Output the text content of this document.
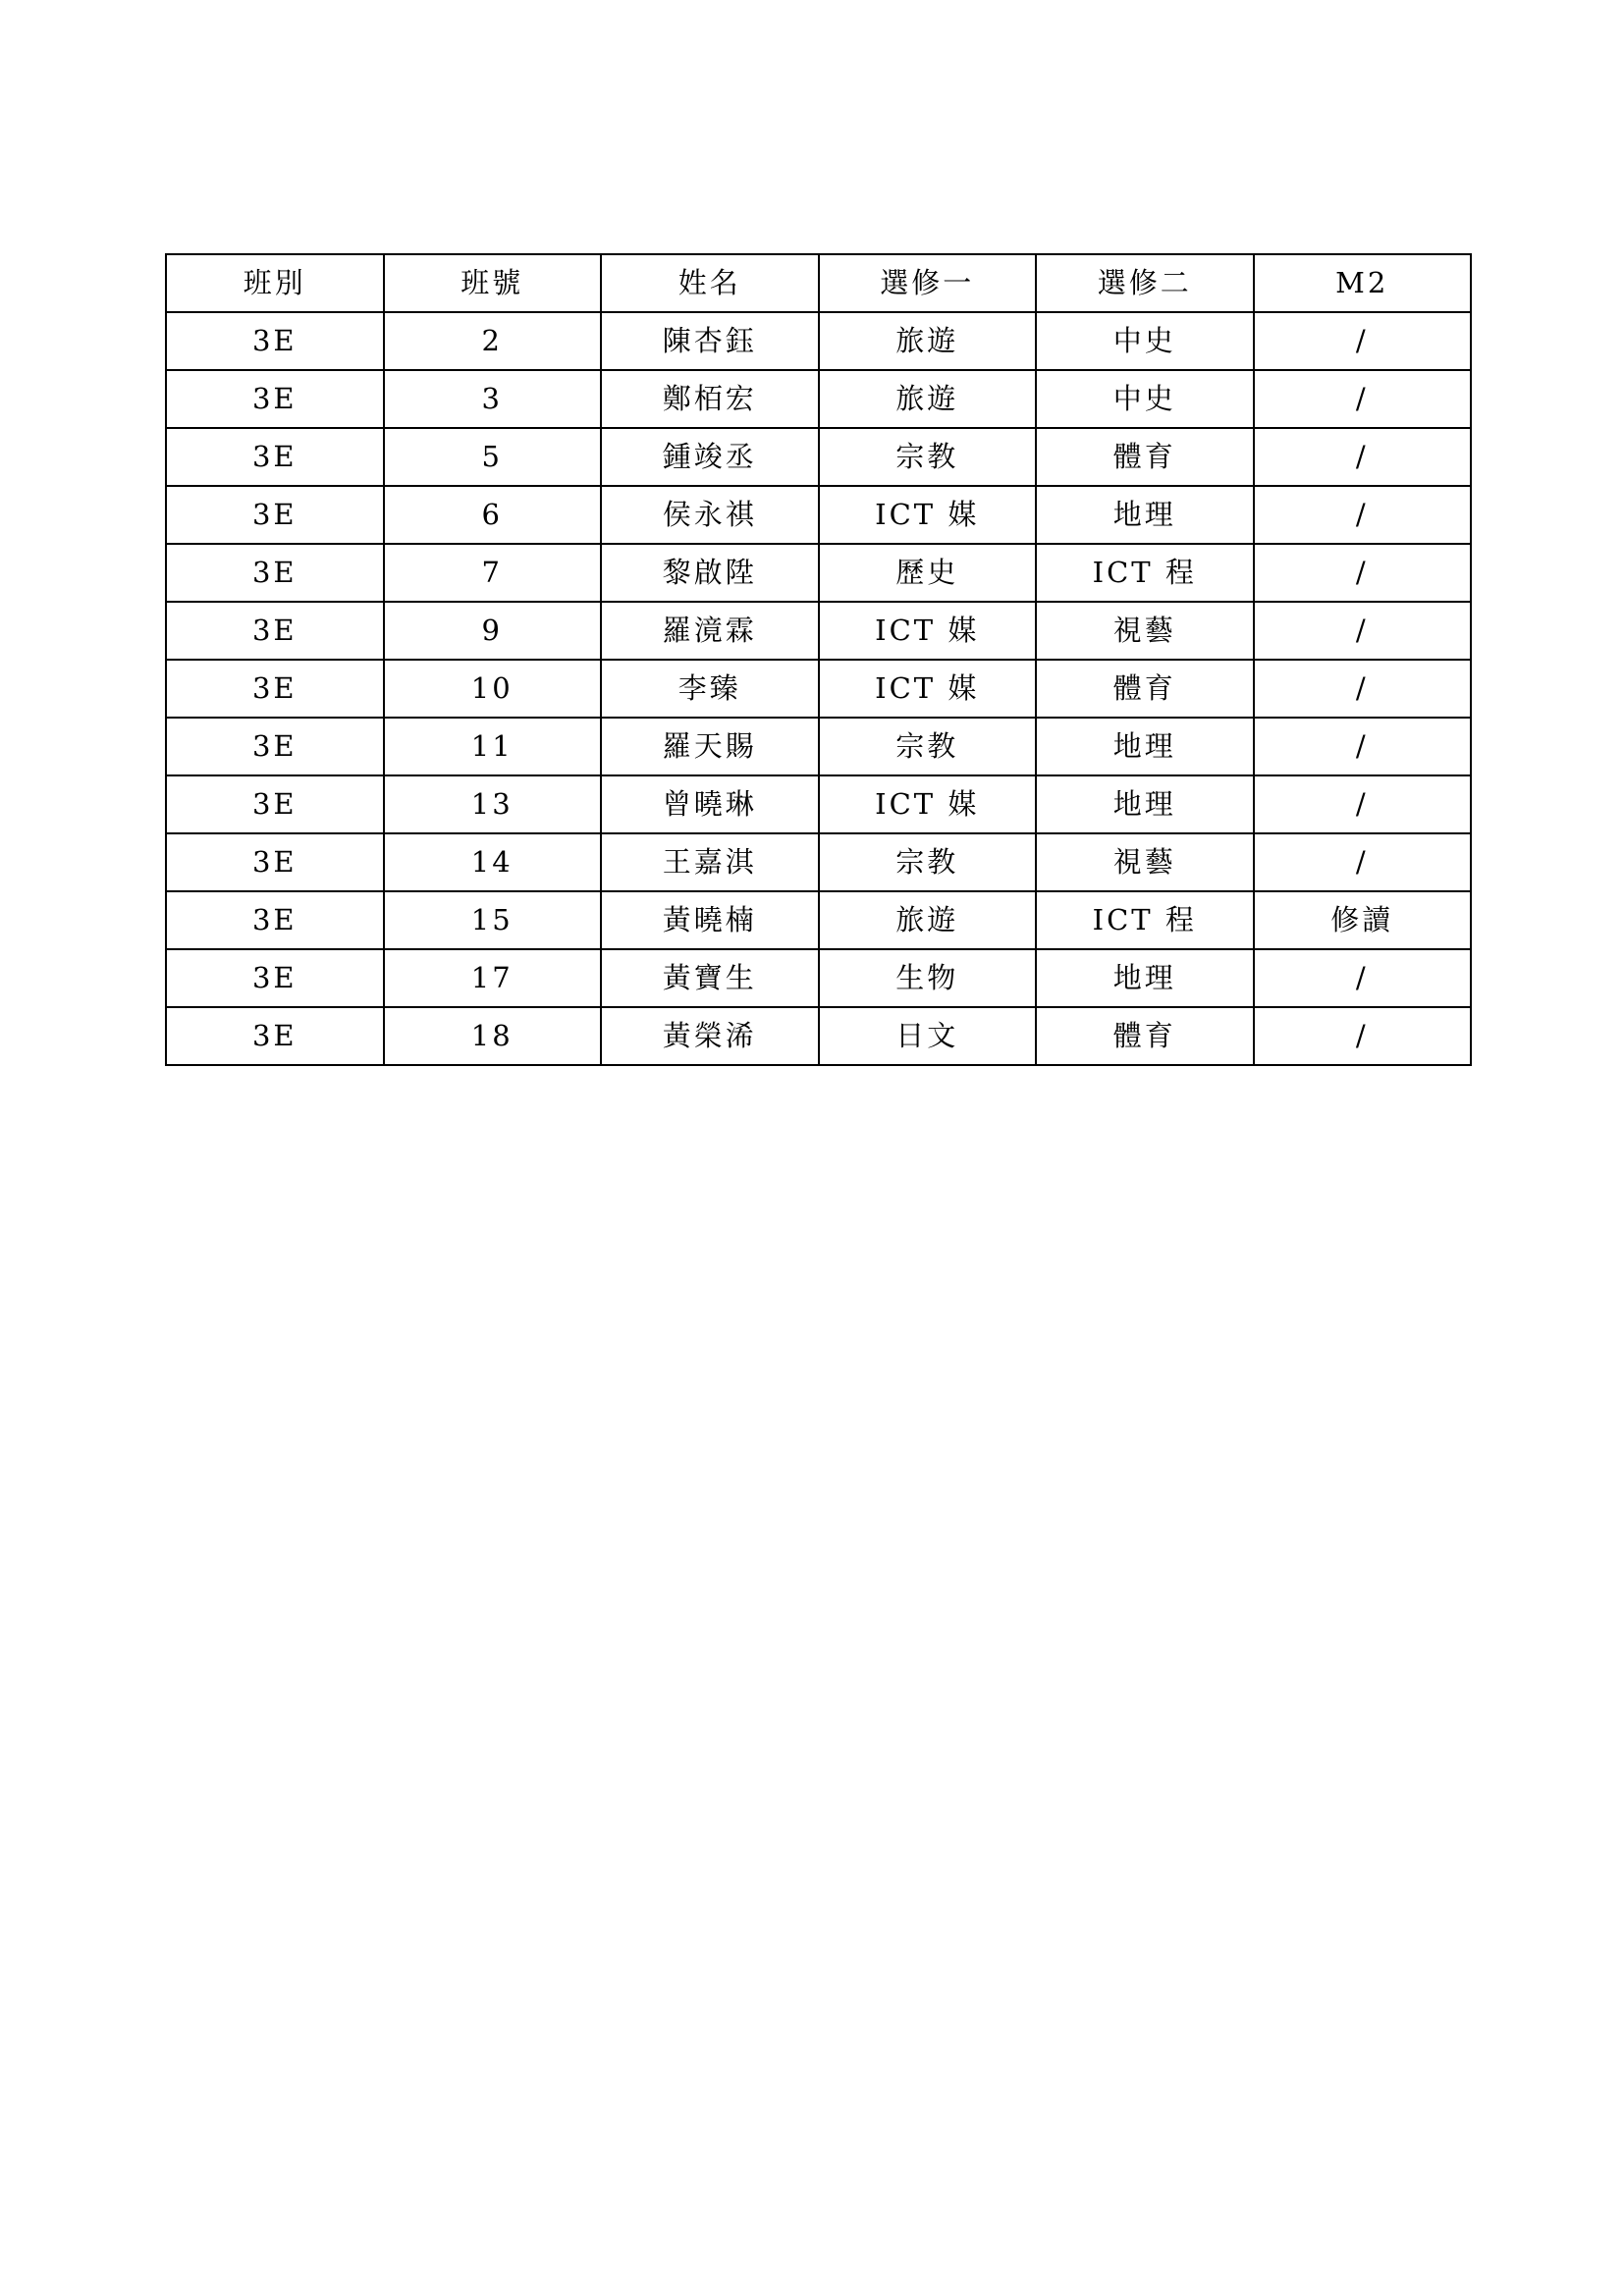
班別	班號	姓名	選修一	選修二	M2
3E	2	陳杏鈺	旅遊	中史	/
3E	3	鄭栢宏	旅遊	中史	/
3E	5	鍾竣丞	宗教	體育	/
3E	6	侯永祺	ICT 媒	地理	/
3E	7	黎啟陞	歷史	ICT 程	/
3E	9	羅滰霖	ICT 媒	視藝	/
3E	10	李臻	ICT 媒	體育	/
3E	11	羅天賜	宗教	地理	/
3E	13	曾曉琳	ICT 媒	地理	/
3E	14	王嘉淇	宗教	視藝	/
3E	15	黃曉楠	旅遊	ICT 程	修讀
3E	17	黃寶生	生物	地理	/
3E	18	黃榮浠	日文	體育	/
